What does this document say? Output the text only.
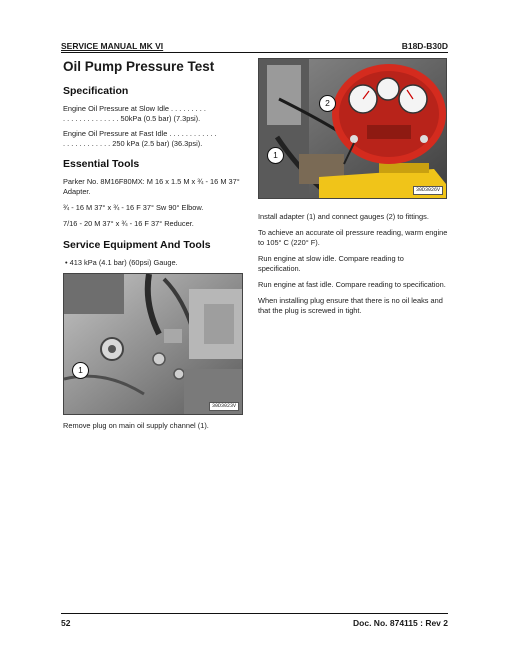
SERVICE MANUAL MK VI	B18D-B30D
Oil Pump Pressure Test
Specification

Engine Oil Pressure at Slow Idle . . . . . . . . .

. . . . . . . . . . . . . . 50kPa (0.5 bar) (7.3psi).

Engine Oil Pressure at Fast Idle . . . . . . . . . . . .

. . . . . . . . . . . . 250 kPa (2.5 bar) (36.3psi).

Essential Tools

Parker No. 8M16F80MX: M 16 x 1.5 M x ¾ - 16 M 37° Adapter.

¾ - 16 M 37° x ¾ - 16 F 37° Sw 90° Elbow.

7/16 - 20 M 37° x ¾ - 16 F 37° Reducer.

Service Equipment And Tools

• 413 kPa (4.1 bar) (60psi) Gauge.

30D3026V
2
1
30D3023V
1

Remove plug on main oil supply channel (1).

Install adapter (1) and connect gauges (2) to fittings.

To achieve an accurate oil pressure reading, warm engine to 105° C (220° F).

Run engine at slow idle. Compare reading to specification.

Run engine at fast idle. Compare reading to specification.

When installing plug ensure that there is no oil leaks and that the plug is screwed in tight.

52	Doc. No. 874115 : Rev 2
